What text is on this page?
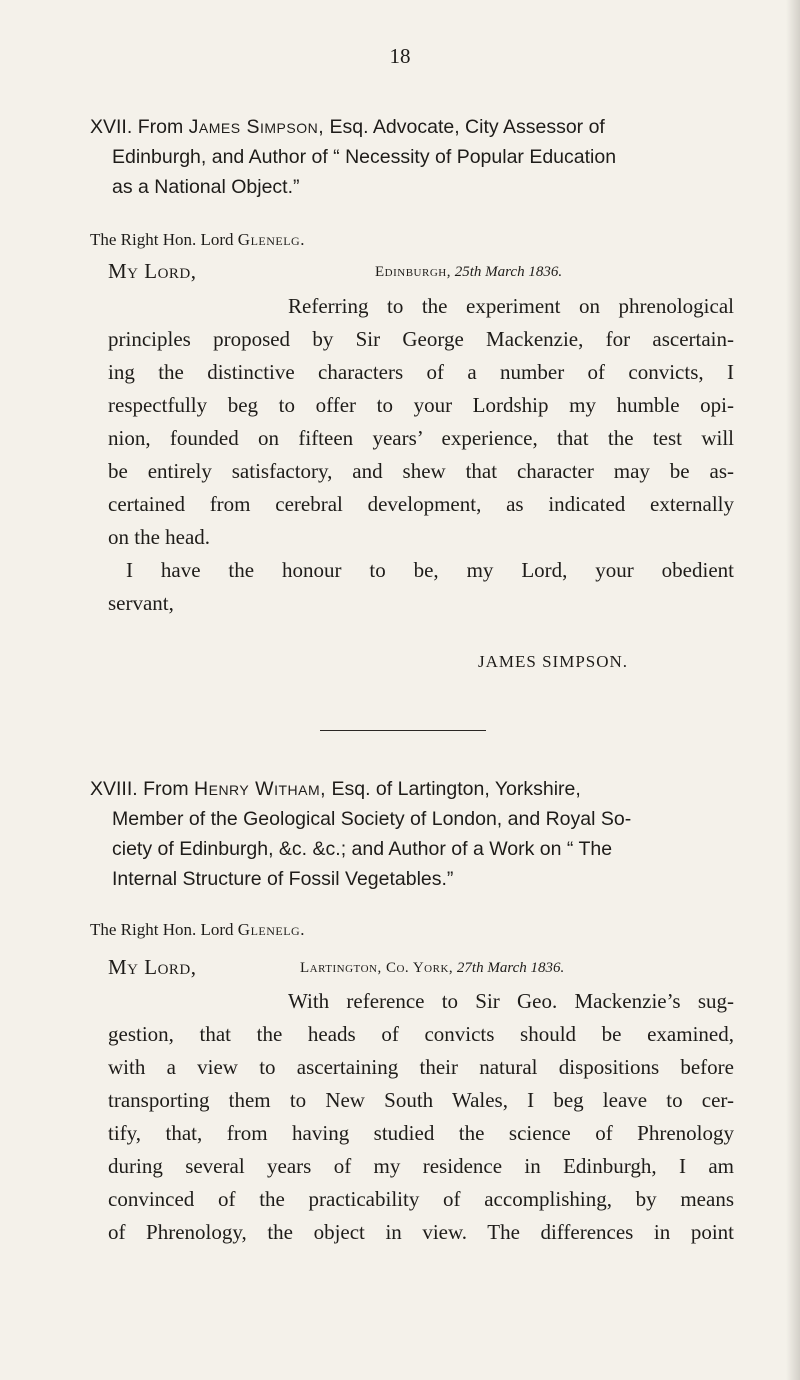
18
XVII. From James Simpson, Esq. Advocate, City Assessor of
Edinburgh, and Author of “ Necessity of Popular Education
as a National Object.”
The Right Hon. Lord Glenelg.
My Lord,	Edinburgh, 25th March 1836.
Referring to the experiment on phrenological
principles proposed by Sir George Mackenzie, for ascertain-
ing the distinctive characters of a number of convicts, I
respectfully beg to offer to your Lordship my humble opi-
nion, founded on fifteen years’ experience, that the test will
be entirely satisfactory, and shew that character may be as-
certained from cerebral development, as indicated externally
on the head.
I have the honour to be, my Lord, your obedient
servant,
JAMES SIMPSON.
XVIII. From Henry Witham, Esq. of Lartington, Yorkshire,
Member of the Geological Society of London, and Royal So-
ciety of Edinburgh, &c. &c.; and Author of a Work on “ The
Internal Structure of Fossil Vegetables.”
The Right Hon. Lord Glenelg.
My Lord,	Lartington, Co. York, 27th March 1836.
With reference to Sir Geo. Mackenzie’s sug-
gestion, that the heads of convicts should be examined,
with a view to ascertaining their natural dispositions before
transporting them to New South Wales, I beg leave to cer-
tify, that, from having studied the science of Phrenology
during several years of my residence in Edinburgh, I am
convinced of the practicability of accomplishing, by means
of Phrenology, the object in view. The differences in point
